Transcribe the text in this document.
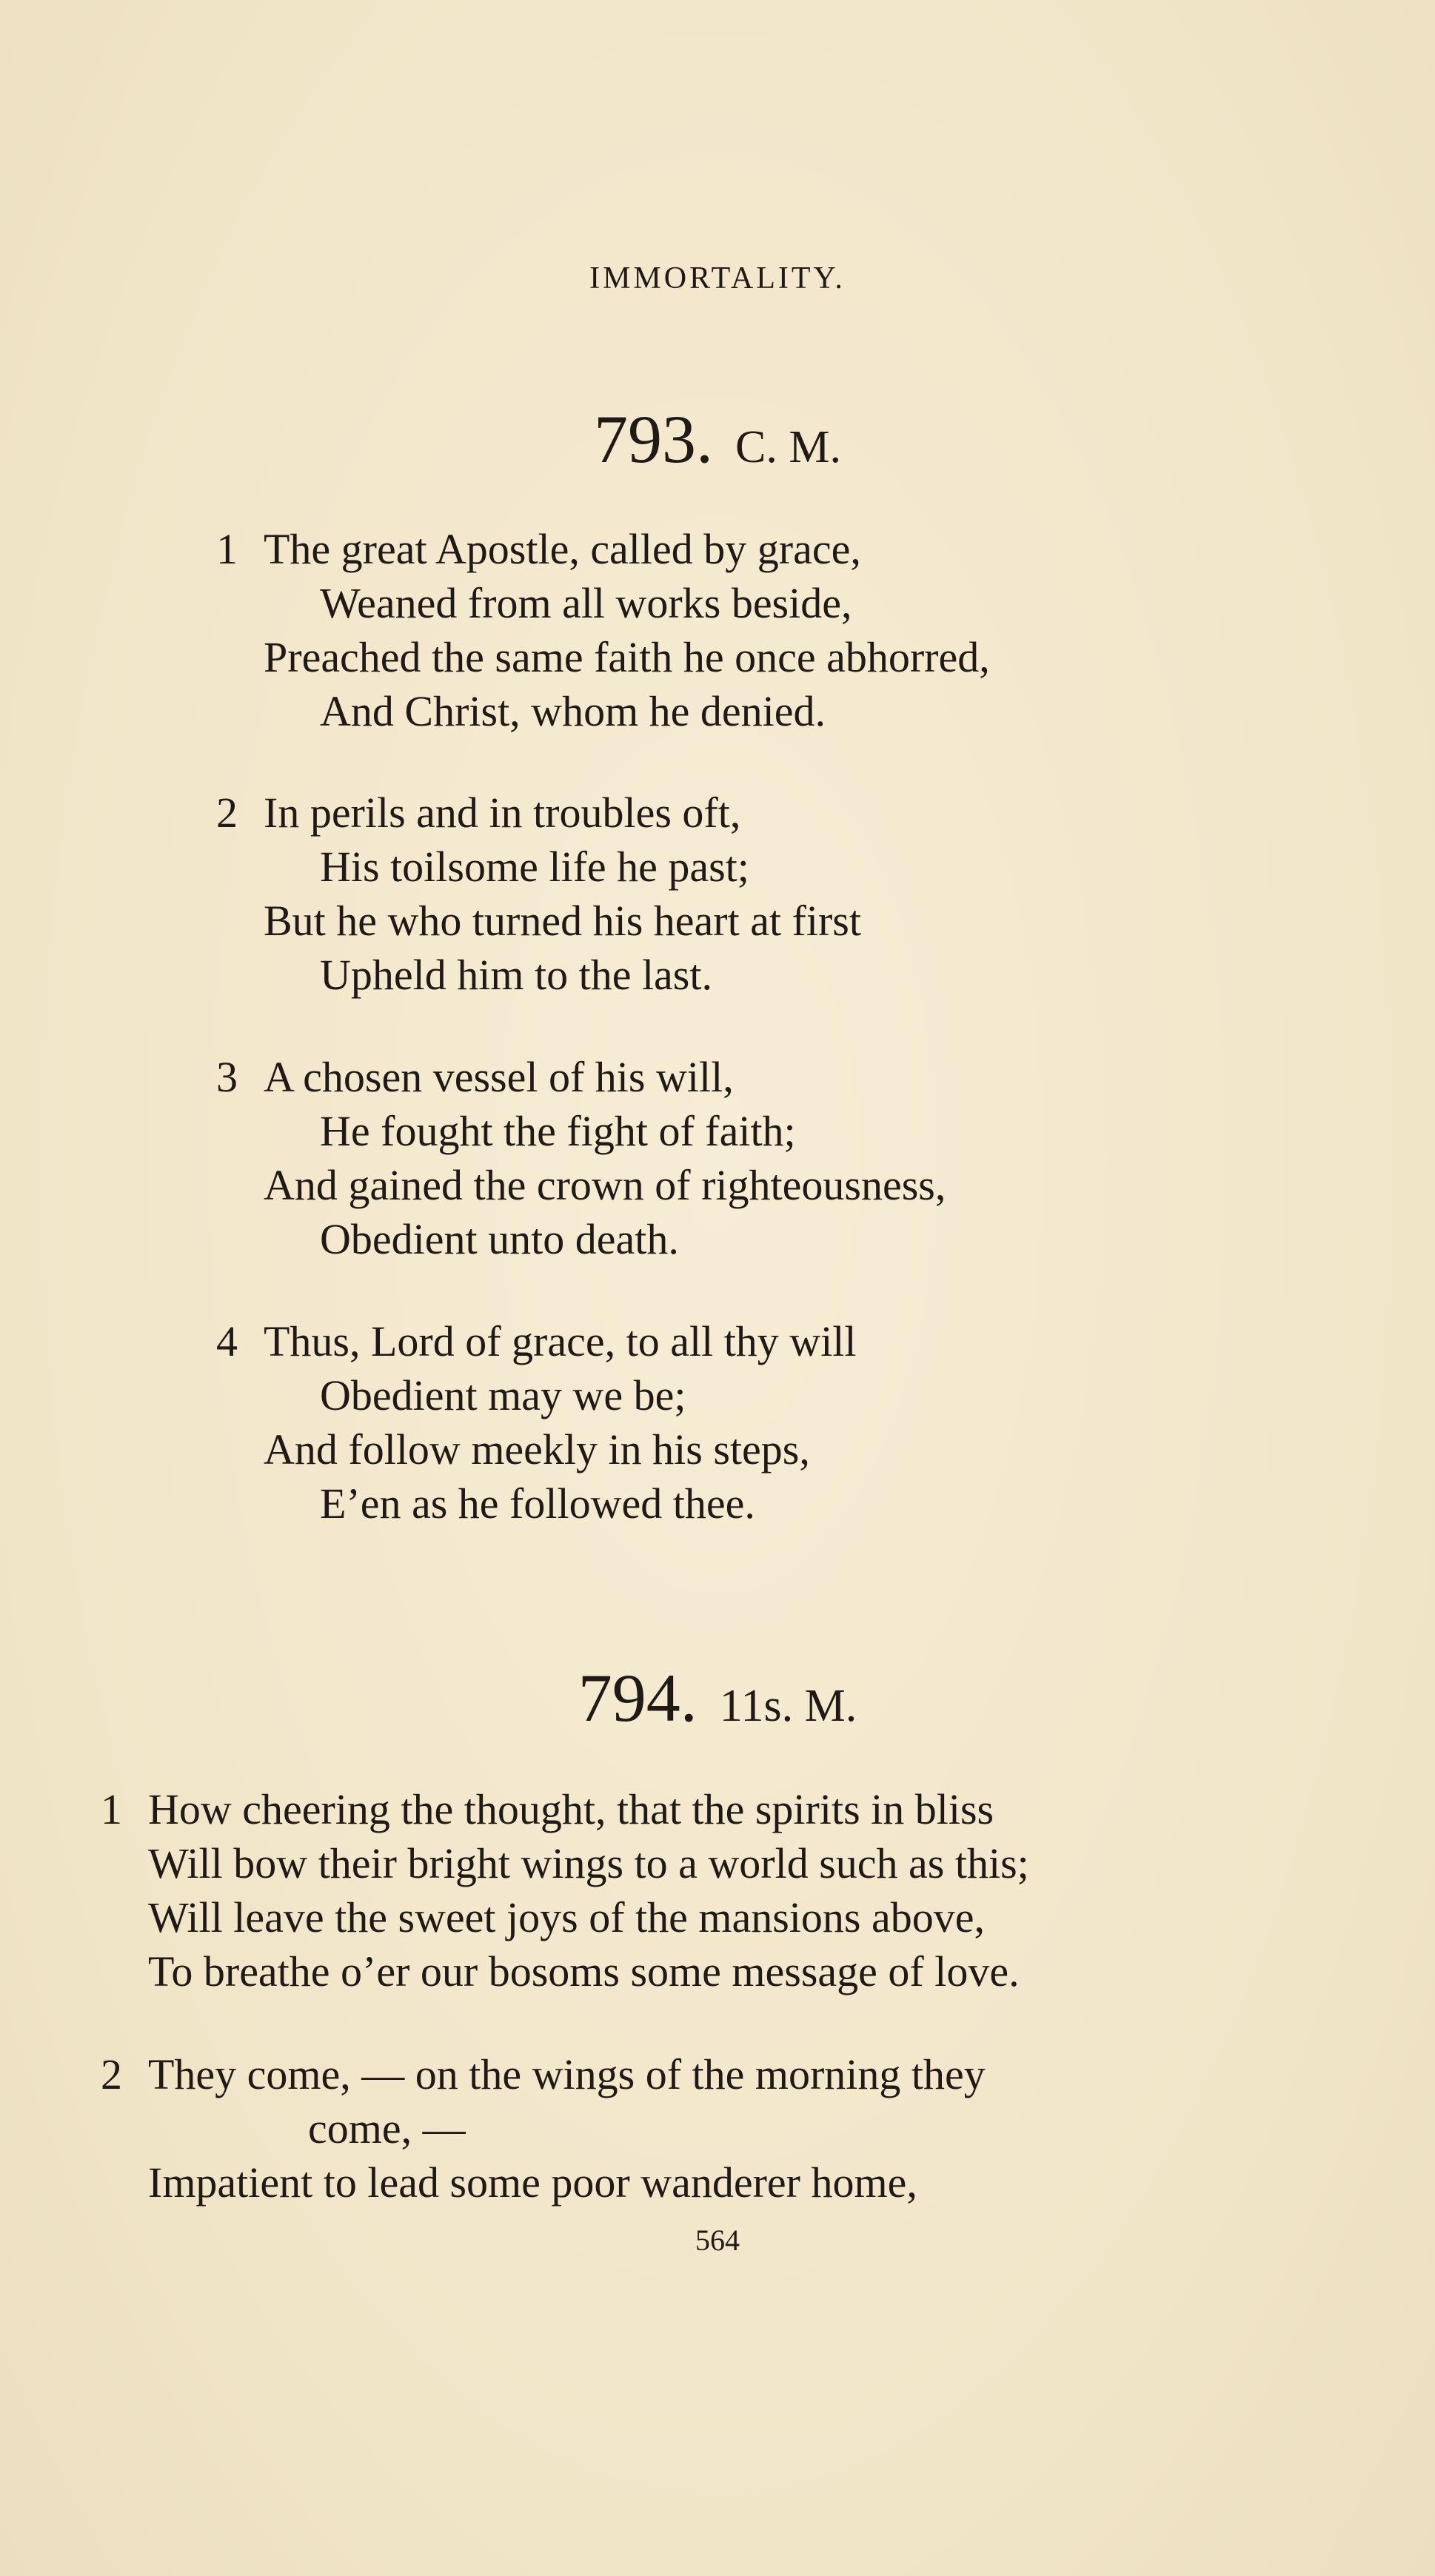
IMMORTALITY.
793. C. M.
1 The great Apostle, called by grace,
Weaned from all works beside,
Preached the same faith he once abhorred,
And Christ, whom he denied.
2 In perils and in troubles oft,
His toilsome life he past;
But he who turned his heart at first
Upheld him to the last.
3 A chosen vessel of his will,
He fought the fight of faith;
And gained the crown of righteousness,
Obedient unto death.
4 Thus, Lord of grace, to all thy will
Obedient may we be;
And follow meekly in his steps,
E’en as he followed thee.
794. 11s. M.
1 How cheering the thought, that the spirits in bliss
Will bow their bright wings to a world such as this;
Will leave the sweet joys of the mansions above,
To breathe o’er our bosoms some message of love.
2 They come, — on the wings of the morning they
come, —
Impatient to lead some poor wanderer home,
564
